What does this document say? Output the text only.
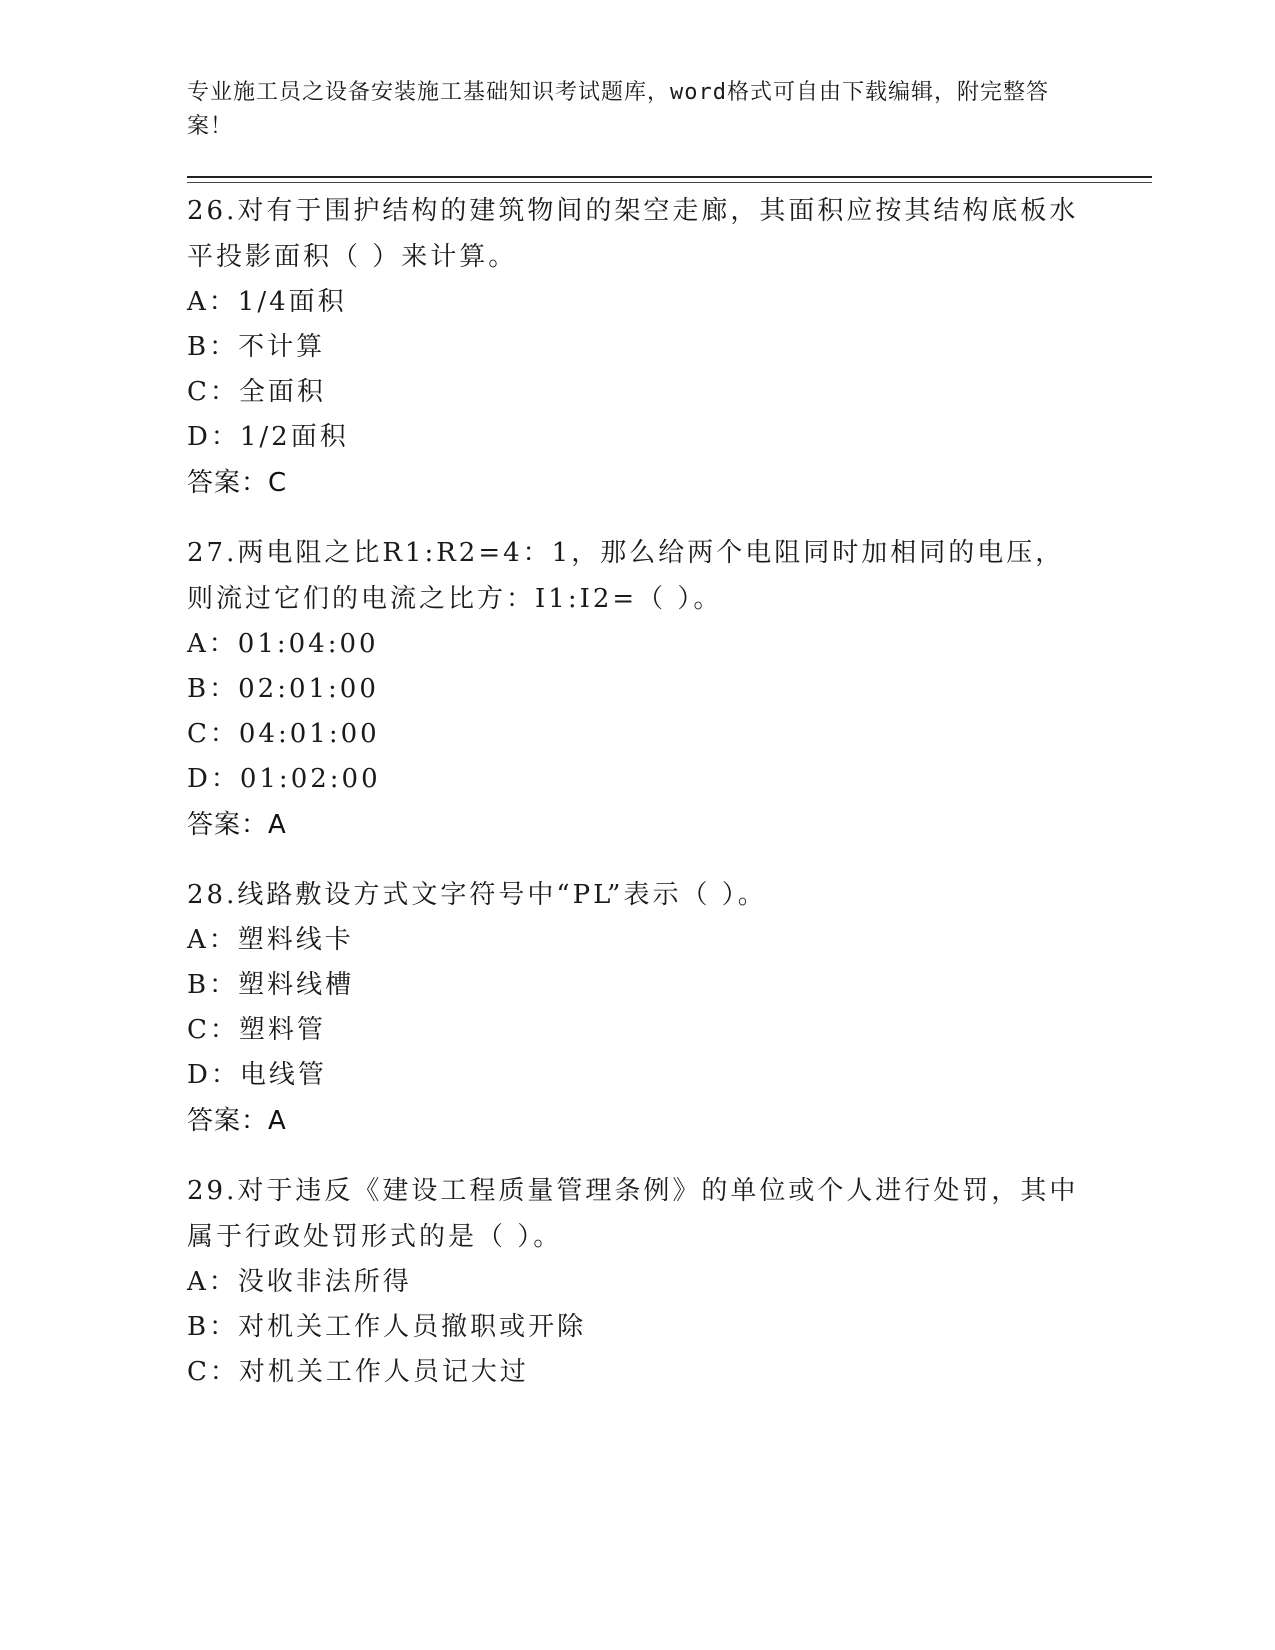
专业施工员之设备安装施工基础知识考试题库，word格式可自由下载编辑，附完整答案！

26.对有于围护结构的建筑物间的架空走廊，其面积应按其结构底板水平投影面积（ ）来计算。

A：1/4面积

B：不计算

C：全面积

D：1/2面积

答案：C

27.两电阻之比R1:R2=4：1，那么给两个电阻同时加相同的电压，则流过它们的电流之比方：I1:I2=（ ）。

A：01:04:00

B：02:01:00

C：04:01:00

D：01:02:00

答案：A

28.线路敷设方式文字符号中“PL”表示（ ）。

A：塑料线卡

B：塑料线槽

C：塑料管

D：电线管

答案：A

29.对于违反《建设工程质量管理条例》的单位或个人进行处罚，其中属于行政处罚形式的是（ ）。

A：没收非法所得

B：对机关工作人员撤职或开除

C：对机关工作人员记大过
